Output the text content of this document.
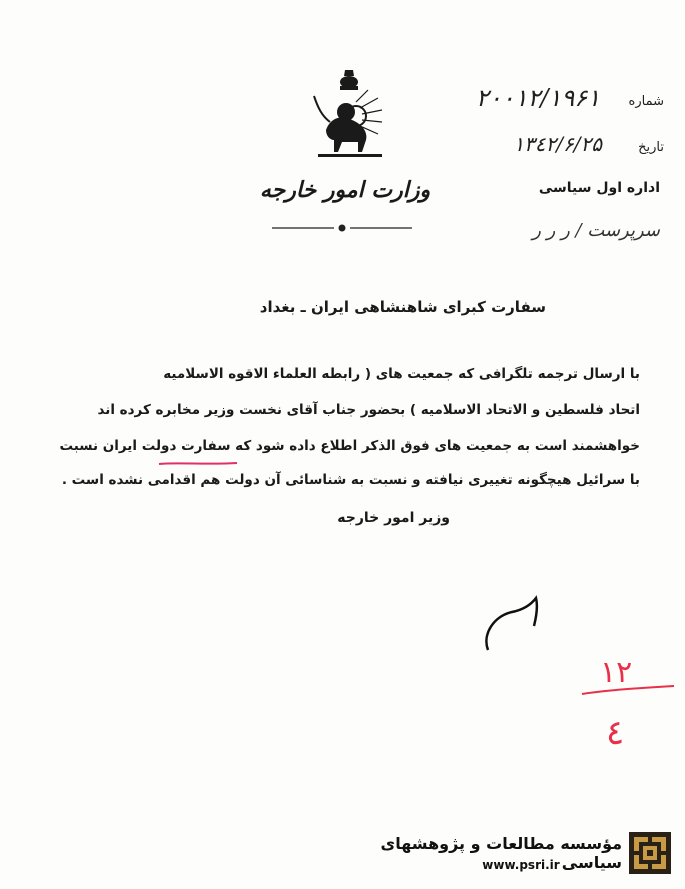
وزارت امور خارجه
شماره
٢٠٠١٢/١٩۶١
تاریخ
١٣٤٢/۶/٢۵
اداره اول سیاسی
سرپرست / ر ر ر
سفارت کبرای شاهنشاهی ایران ـ بغداد
با ارسال ترجمه تلگرافی که جمعیت های ( رابطه العلماء الاقوه الاسلامیه
اتحاد فلسطین و الاتحاد الاسلامیه ) بحضور جناب آقای نخست وزیر مخابره کرده اند
خواهشمند است به جمعیت های فوق الذکر اطلاع داده شود که سفارت دولت ایران نسبت
با سرائیل هیچگونه تغییری نیافته و نسبت به شناسائی آن دولت هم اقدامی نشده است .
وزیر امور خارجه
١٢
٤
مؤسسه مطالعات و پژوهشهای سیاسی
www.psri.ir
